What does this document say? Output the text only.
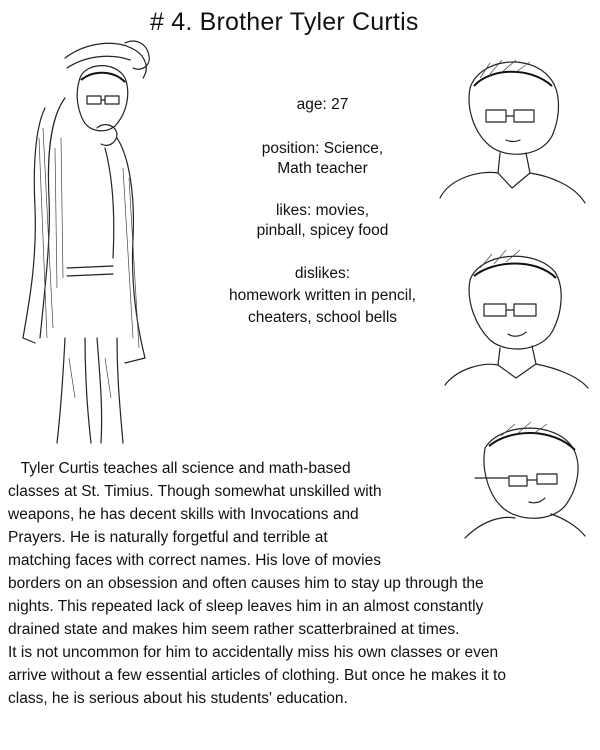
# 4. Brother Tyler Curtis
age: 27
position: Science,
Math teacher
likes: movies,
pinball, spicey food
dislikes:
homework written in pencil,
cheaters, school bells
Tyler Curtis teaches all science and math-based
classes at St. Timius. Though somewhat unskilled with
weapons, he has decent skills with Invocations and
Prayers. He is naturally forgetful and terrible at
matching faces with correct names. His love of movies
borders on an obsession and often causes him to stay up through the
nights. This repeated lack of sleep leaves him in an almost constantly
drained state and makes him seem rather scatterbrained at times.
It is not uncommon for him to accidentally miss his own classes or even
arrive without a few essential articles of clothing. But once he makes it to
class, he is serious about his students' education.
